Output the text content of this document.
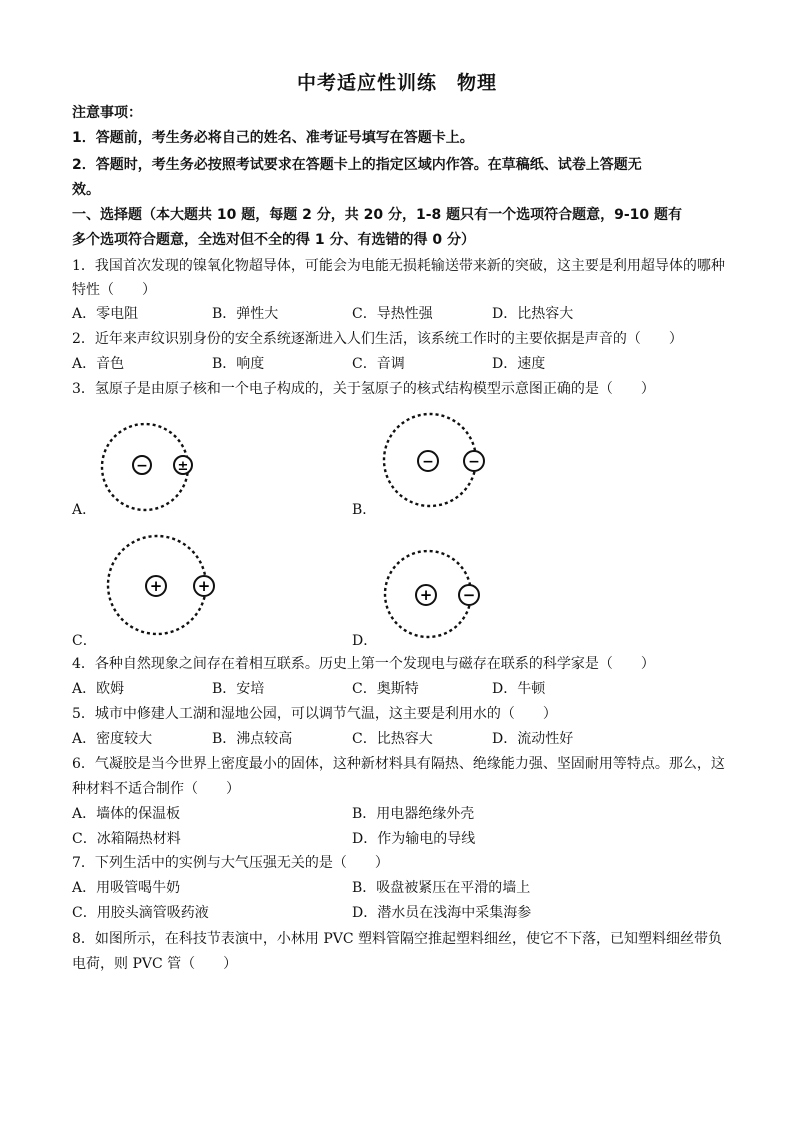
中考适应性训练　物理
注意事项：
1．答题前，考生务必将自己的姓名、准考证号填写在答题卡上。
2．答题时，考生务必按照考试要求在答题卡上的指定区域内作答。在草稿纸、试卷上答题无
效。
一、选择题（本大题共 10 题，每题 2 分，共 20 分，1-8 题只有一个选项符合题意，9-10 题有
多个选项符合题意，全选对但不全的得 1 分、有选错的得 0 分）
1．我国首次发现的镍氧化物超导体，可能会为电能无损耗输送带来新的突破，这主要是利用超导体的哪种
特性（　　）
A．零电阻	B．弹性大	C．导热性强	D．比热容大
2．近年来声纹识别身份的安全系统逐渐进入人们生活，该系统工作时的主要依据是声音的（　　）
A．音色	B．响度	C．音调	D．速度
3．氢原子是由原子核和一个电子构成的，关于氢原子的核式结构模型示意图正确的是（　　）
− ±
A．
− −
B．
+ +
C．
+ −
D．
4．各种自然现象之间存在着相互联系。历史上第一个发现电与磁存在联系的科学家是（　　）
A．欧姆	B．安培	C．奥斯特	D．牛顿
5．城市中修建人工湖和湿地公园，可以调节气温，这主要是利用水的（　　）
A．密度较大	B．沸点较高	C．比热容大	D．流动性好
6．气凝胶是当今世界上密度最小的固体，这种新材料具有隔热、绝缘能力强、坚固耐用等特点。那么，这
种材料不适合制作（　　）
A．墙体的保温板	B．用电器绝缘外壳
C．冰箱隔热材料	D．作为输电的导线
7．下列生活中的实例与大气压强无关的是（　　）
A．用吸管喝牛奶	B．吸盘被紧压在平滑的墙上
C．用胶头滴管吸药液	D．潜水员在浅海中采集海参
8．如图所示，在科技节表演中，小林用 PVC 塑料管隔空推起塑料细丝，使它不下落，已知塑料细丝带负
电荷，则 PVC 管（　　）
